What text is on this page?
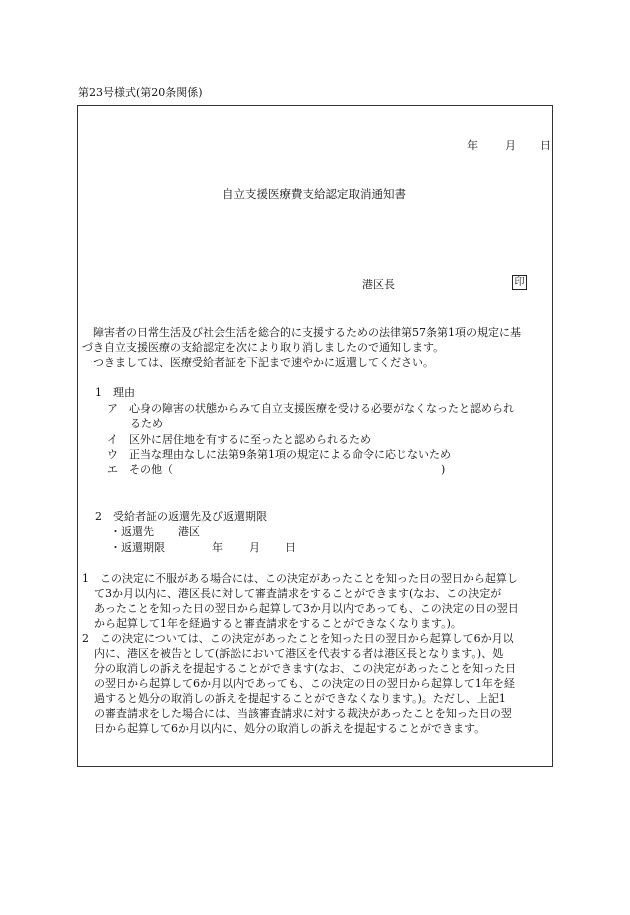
第23号様式(第20条関係)
年 月 日
自立支援医療費支給認定取消通知書
港区長	印
障害者の日常生活及び社会生活を総合的に支援するための法律第57条第1項の規定に基
づき自立支援医療の支給認定を次により取り消しましたので通知します。
つきましては、医療受給者証を下記まで速やかに返還してください。
1　理由
ア　心身の障害の状態からみて自立支援医療を受ける必要がなくなったと認められ
るため
イ　区外に居住地を有するに至ったと認められるため
ウ　正当な理由なしに法第9条第1項の規定による命令に応じないため
エ　その他（	)
2　受給者証の返還先及び返還期限
・返還先 港区
・返還期限	年 月 日
1　この決定に不服がある場合には、この決定があったことを知った日の翌日から起算し
て3か月以内に、港区長に対して審査請求をすることができます(なお、この決定が
あったことを知った日の翌日から起算して3か月以内であっても、この決定の日の翌日
から起算して1年を経過すると審査請求をすることができなくなります。)。
2　この決定については、この決定があったことを知った日の翌日から起算して6か月以
内に、港区を被告として(訴訟において港区を代表する者は港区長となります。)、処
分の取消しの訴えを提起することができます(なお、この決定があったことを知った日
の翌日から起算して6か月以内であっても、この決定の日の翌日から起算して1年を経
過すると処分の取消しの訴えを提起することができなくなります。)。ただし、上記1
の審査請求をした場合には、当該審査請求に対する裁決があったことを知った日の翌
日から起算して6か月以内に、処分の取消しの訴えを提起することができます。
